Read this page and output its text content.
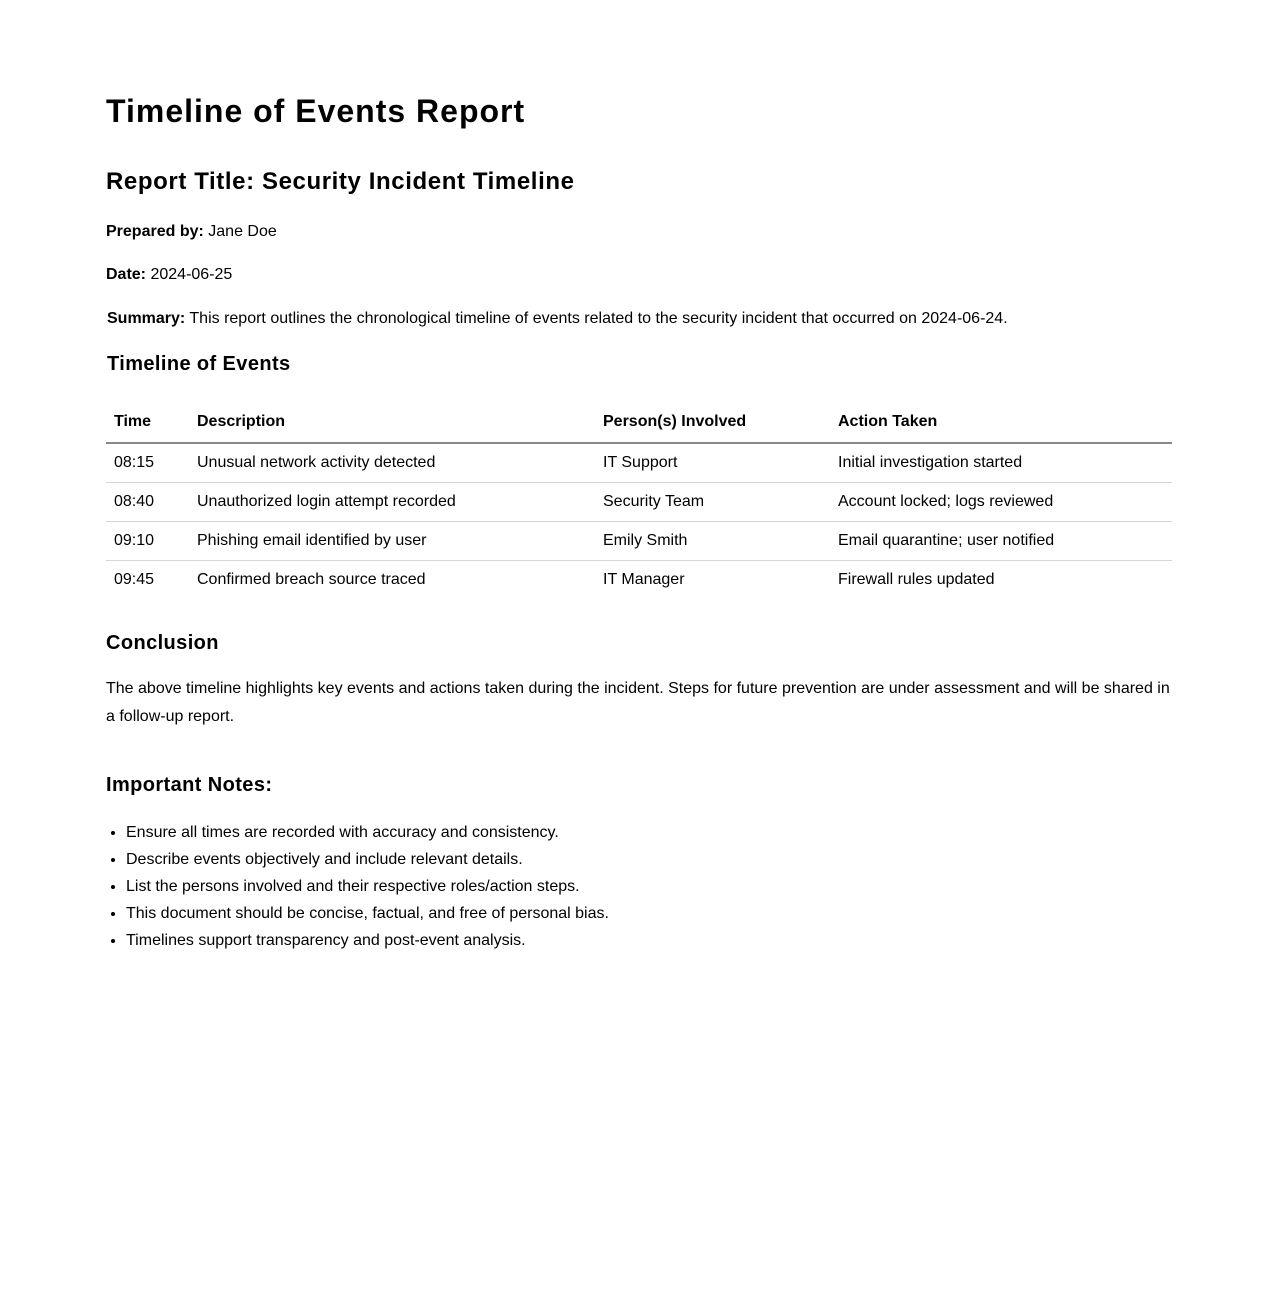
Timeline of Events Report
Report Title: Security Incident Timeline

Prepared by: Jane Doe

Date: 2024-06-25

Summary: This report outlines the chronological timeline of events related to the security incident that occurred on 2024-06-24.

Timeline of Events
Time	Description	Person(s) Involved	Action Taken
08:15	Unusual network activity detected	IT Support	Initial investigation started
08:40	Unauthorized login attempt recorded	Security Team	Account locked; logs reviewed
09:10	Phishing email identified by user	Emily Smith	Email quarantine; user notified
09:45	Confirmed breach source traced	IT Manager	Firewall rules updated
Conclusion

The above timeline highlights key events and actions taken during the incident. Steps for future prevention are under assessment and will be shared in a follow-up report.

Important Notes:
• Ensure all times are recorded with accuracy and consistency.
• Describe events objectively and include relevant details.
• List the persons involved and their respective roles/action steps.
• This document should be concise, factual, and free of personal bias.
• Timelines support transparency and post-event analysis.
